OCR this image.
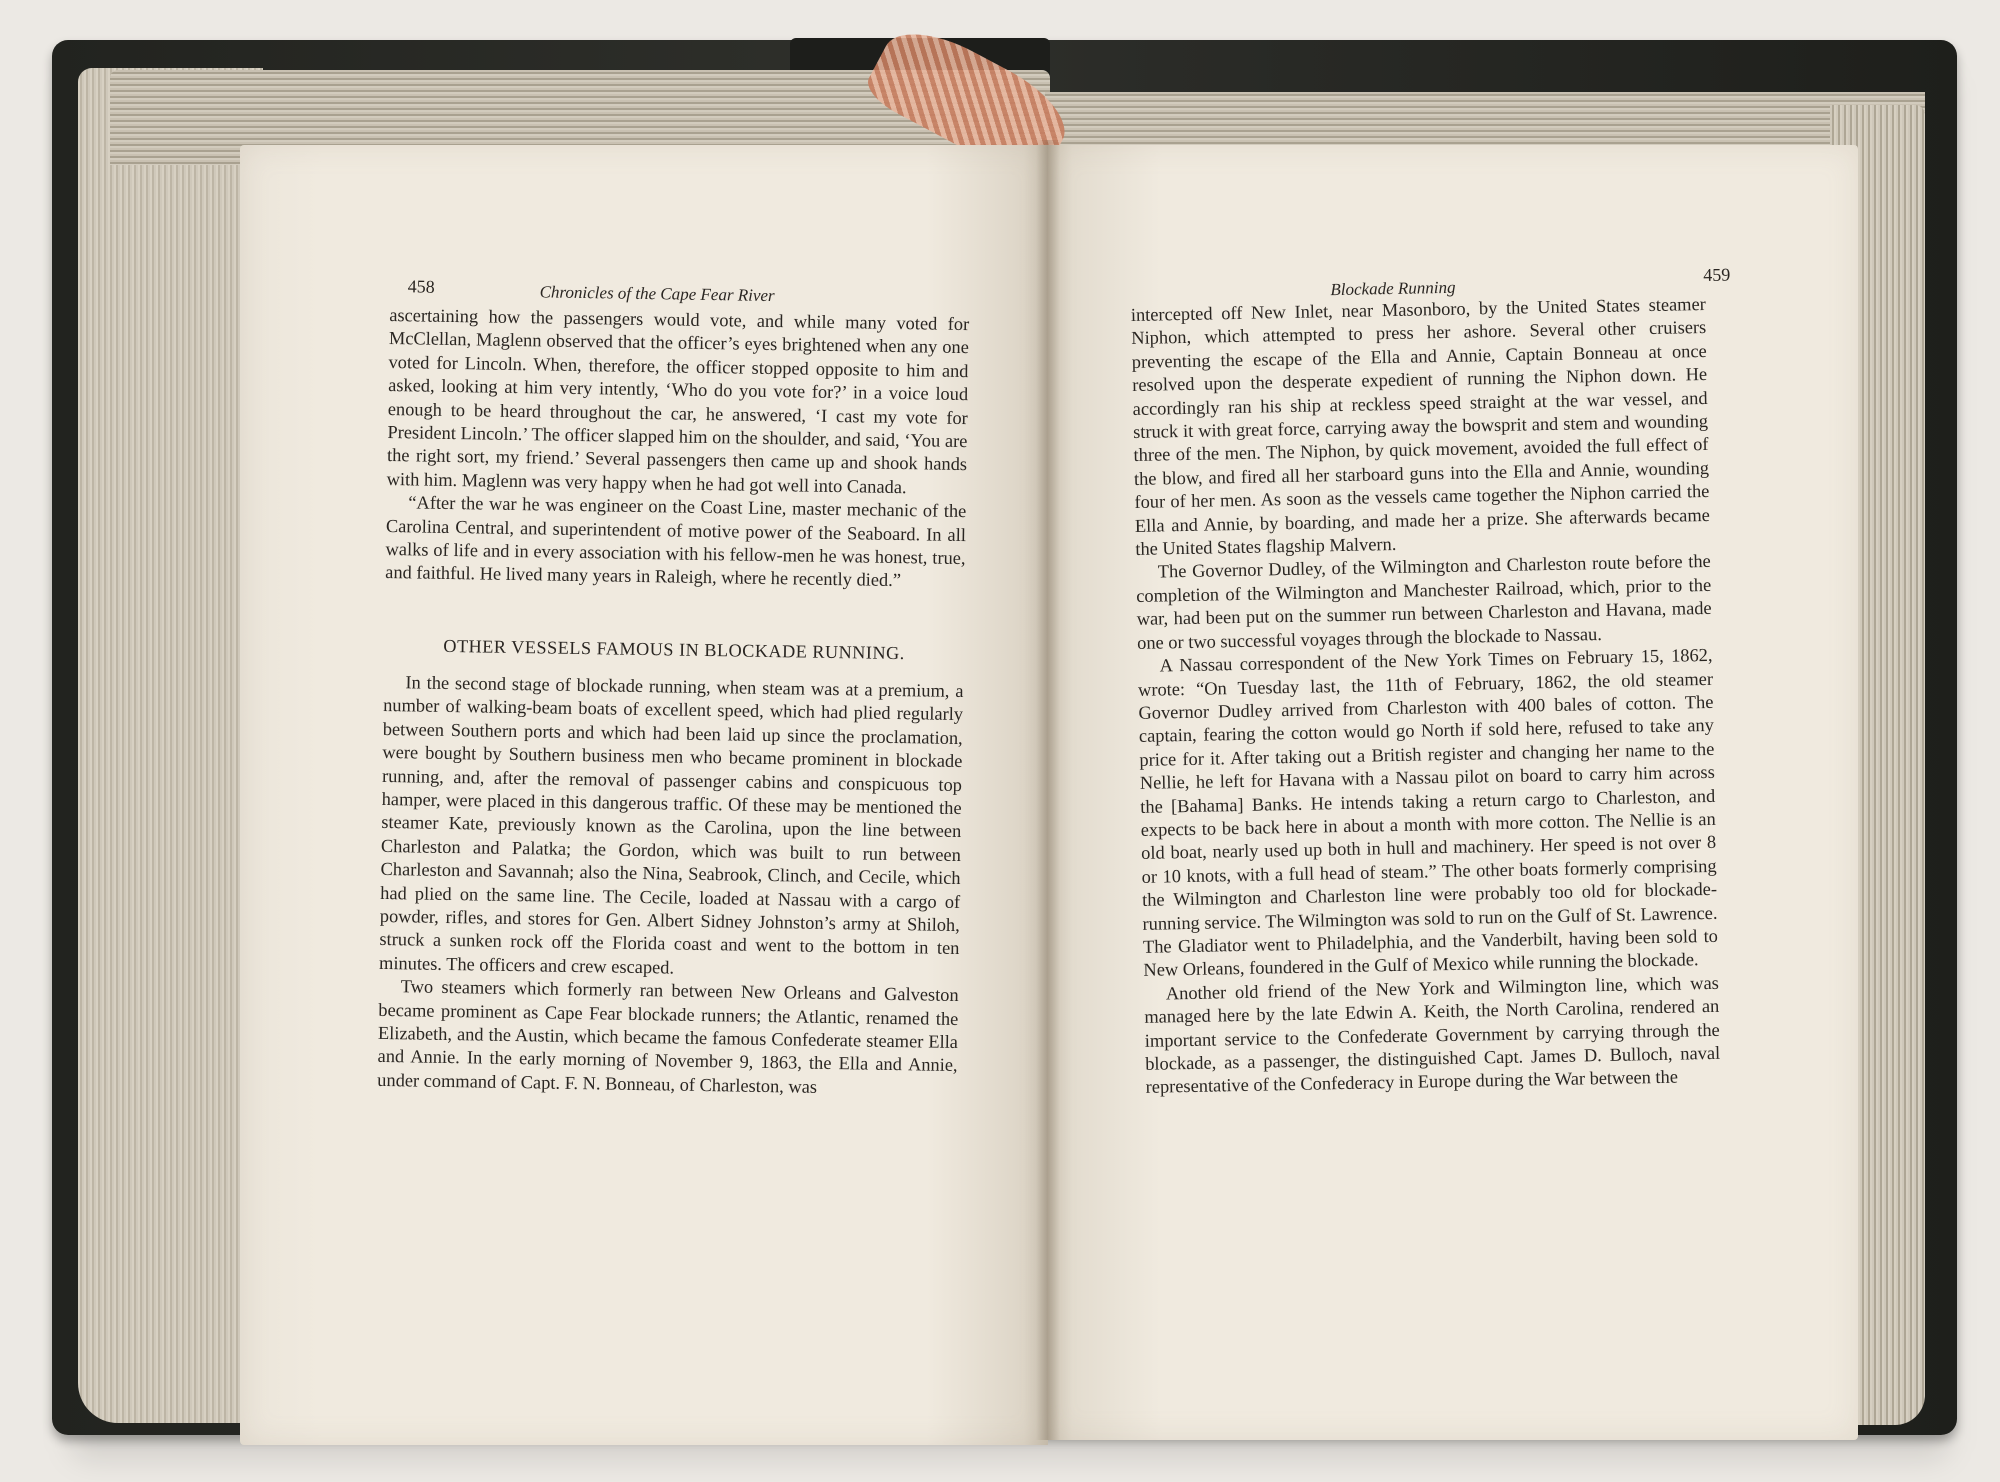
458	Chronicles of the Cape Fear River

ascertaining how the passengers would vote, and while many voted for McClellan, Maglenn observed that the officer’s eyes brightened when any one voted for Lincoln. When, therefore, the officer stopped opposite to him and asked, looking at him very intently, ‘Who do you vote for?’ in a voice loud enough to be heard throughout the car, he answered, ‘I cast my vote for President Lincoln.’ The officer slapped him on the shoulder, and said, ‘You are the right sort, my friend.’ Several passengers then came up and shook hands with him. Maglenn was very happy when he had got well into Canada.

“After the war he was engineer on the Coast Line, master mechanic of the Carolina Central, and superintendent of motive power of the Seaboard. In all walks of life and in every association with his fellow-men he was honest, true, and faithful. He lived many years in Raleigh, where he recently died.”

OTHER VESSELS FAMOUS IN BLOCKADE RUNNING.

In the second stage of blockade running, when steam was at a premium, a number of walking-beam boats of excellent speed, which had plied regularly between Southern ports and which had been laid up since the proclamation, were bought by Southern business men who became prominent in blockade running, and, after the removal of passenger cabins and conspicuous top hamper, were placed in this dangerous traffic. Of these may be mentioned the steamer Kate, previously known as the Carolina, upon the line between Charleston and Palatka; the Gordon, which was built to run between Charleston and Savannah; also the Nina, Seabrook, Clinch, and Cecile, which had plied on the same line. The Cecile, loaded at Nassau with a cargo of powder, rifles, and stores for Gen. Albert Sidney Johnston’s army at Shiloh, struck a sunken rock off the Florida coast and went to the bottom in ten minutes. The officers and crew escaped.

Two steamers which formerly ran between New Orleans and Galveston became prominent as Cape Fear blockade runners; the Atlantic, renamed the Elizabeth, and the Austin, which became the famous Confederate steamer Ella and Annie. In the early morning of November 9, 1863, the Ella and Annie, under command of Capt. F. N. Bonneau, of Charleston, was

Blockade Running
459

intercepted off New Inlet, near Masonboro, by the United States steamer Niphon, which attempted to press her ashore. Several other cruisers preventing the escape of the Ella and Annie, Captain Bonneau at once resolved upon the desperate expedient of running the Niphon down. He accordingly ran his ship at reckless speed straight at the war vessel, and struck it with great force, carrying away the bowsprit and stem and wounding three of the men. The Niphon, by quick movement, avoided the full effect of the blow, and fired all her starboard guns into the Ella and Annie, wounding four of her men. As soon as the vessels came together the Niphon carried the Ella and Annie, by boarding, and made her a prize. She afterwards became the United States flagship Malvern.

The Governor Dudley, of the Wilmington and Charleston route before the completion of the Wilmington and Manchester Railroad, which, prior to the war, had been put on the summer run between Charleston and Havana, made one or two successful voyages through the blockade to Nassau.

A Nassau correspondent of the New York Times on February 15, 1862, wrote: “On Tuesday last, the 11th of February, 1862, the old steamer Governor Dudley arrived from Charleston with 400 bales of cotton. The captain, fearing the cotton would go North if sold here, refused to take any price for it. After taking out a British register and changing her name to the Nellie, he left for Havana with a Nassau pilot on board to carry him across the [Bahama] Banks. He intends taking a return cargo to Charleston, and expects to be back here in about a month with more cotton. The Nellie is an old boat, nearly used up both in hull and machinery. Her speed is not over 8 or 10 knots, with a full head of steam.” The other boats formerly comprising the Wilmington and Charleston line were probably too old for blockade-running service. The Wilmington was sold to run on the Gulf of St. Lawrence. The Gladiator went to Philadelphia, and the Vanderbilt, having been sold to New Orleans, foundered in the Gulf of Mexico while running the blockade.

Another old friend of the New York and Wilmington line, which was managed here by the late Edwin A. Keith, the North Carolina, rendered an important service to the Confederate Government by carrying through the blockade, as a passenger, the distinguished Capt. James D. Bulloch, naval representative of the Confederacy in Europe during the War between the
